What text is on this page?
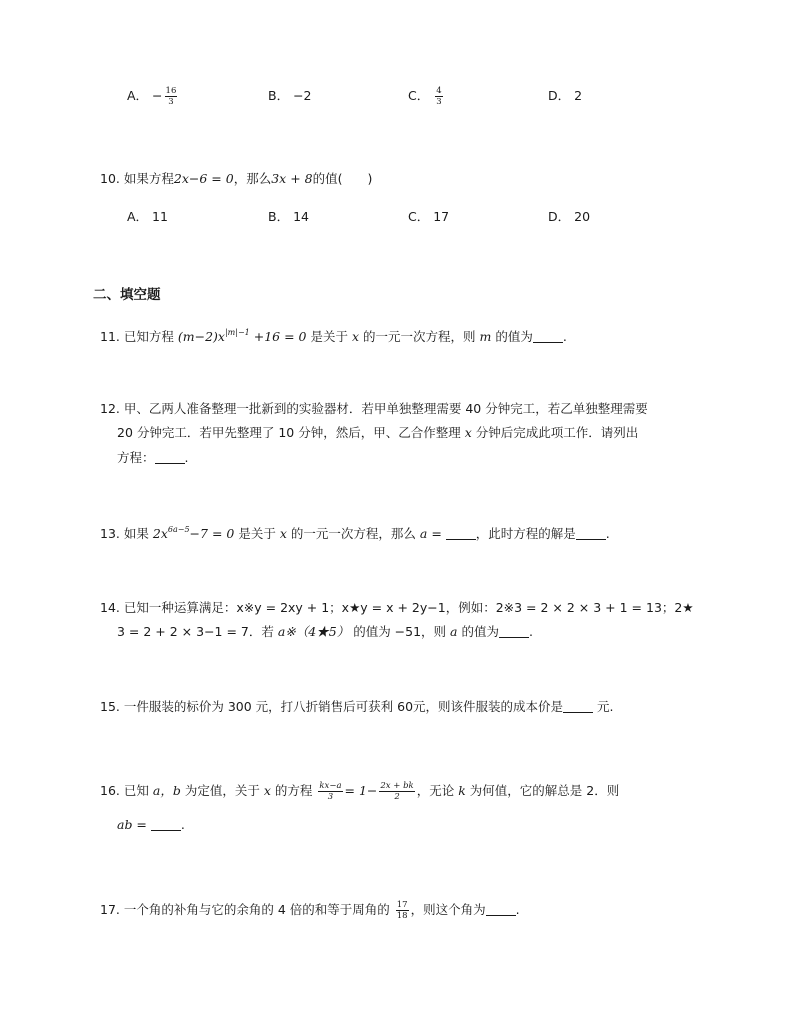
A． − $\frac{16}{3}$	B． −2	C． $\frac{4}{3}$	D． 2
10. 如果方程2x−6 = 0，那么3x + 8的值(　　)
A． 11	B． 14	C． 17	D． 20
二、填空题
11. 已知方程 $(m-2)x^{|m|-1} +16 = 0$ 是关于 x 的一元一次方程，则 m 的值为 .
12. 甲、乙两人准备整理一批新到的实验器材．若甲单独整理需要 40 分钟完工，若乙单独整理需要
20 分钟完工．若甲先整理了 10 分钟，然后，甲、乙合作整理 x 分钟后完成此项工作．请列出
方程： .
13. 如果 $2x^{6a-5}-7 = 0$ 是关于 x 的一元一次方程，那么 a =	，此时方程的解是 .
14. 已知一种运算满足：x※y = 2xy + 1；x★y = x + 2y−1，例如：2※3 = 2 × 2 × 3 + 1 = 13；2★
3 = 2 + 2 × 3−1 = 7．若 a※（4★5） 的值为 −51，则 a 的值为 .
15. 一件服装的标价为 300 元，打八折销售后可获利 60元，则该件服装的成本价是	元.
16. 已知 a，b 为定值，关于 x 的方程 $\frac{kx-a}{3} = 1- \frac{2x + bk}{2}$ ，无论 k 为何值，它的解总是 2．则
ab =	.
17. 一个角的补角与它的余角的 4 倍的和等于周角的 $\frac{17}{18}$ ，则这个角为 .
